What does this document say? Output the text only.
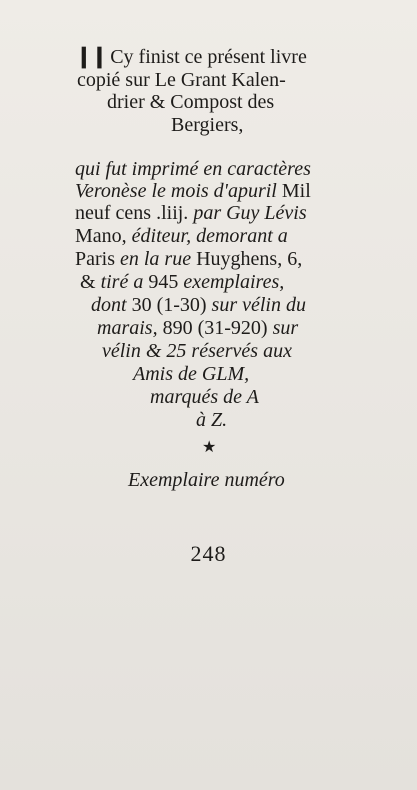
❙❙ Cy finist ce présent livre
copié sur Le Grant Kalen-
drier & Compost des
Bergiers,
qui fut imprimé en caractères
Veronèse le mois d'apuril Mil
neuf cens .liij. par Guy Lévis
Mano, éditeur, demorant a
Paris en la rue Huyghens, 6,
& tiré a 945 exemplaires,
dont 30 (1-30) sur vélin du
marais, 890 (31-920) sur
vélin & 25 réservés aux
Amis de GLM,
marqués de A
à Z.
★
Exemplaire numéro
248
